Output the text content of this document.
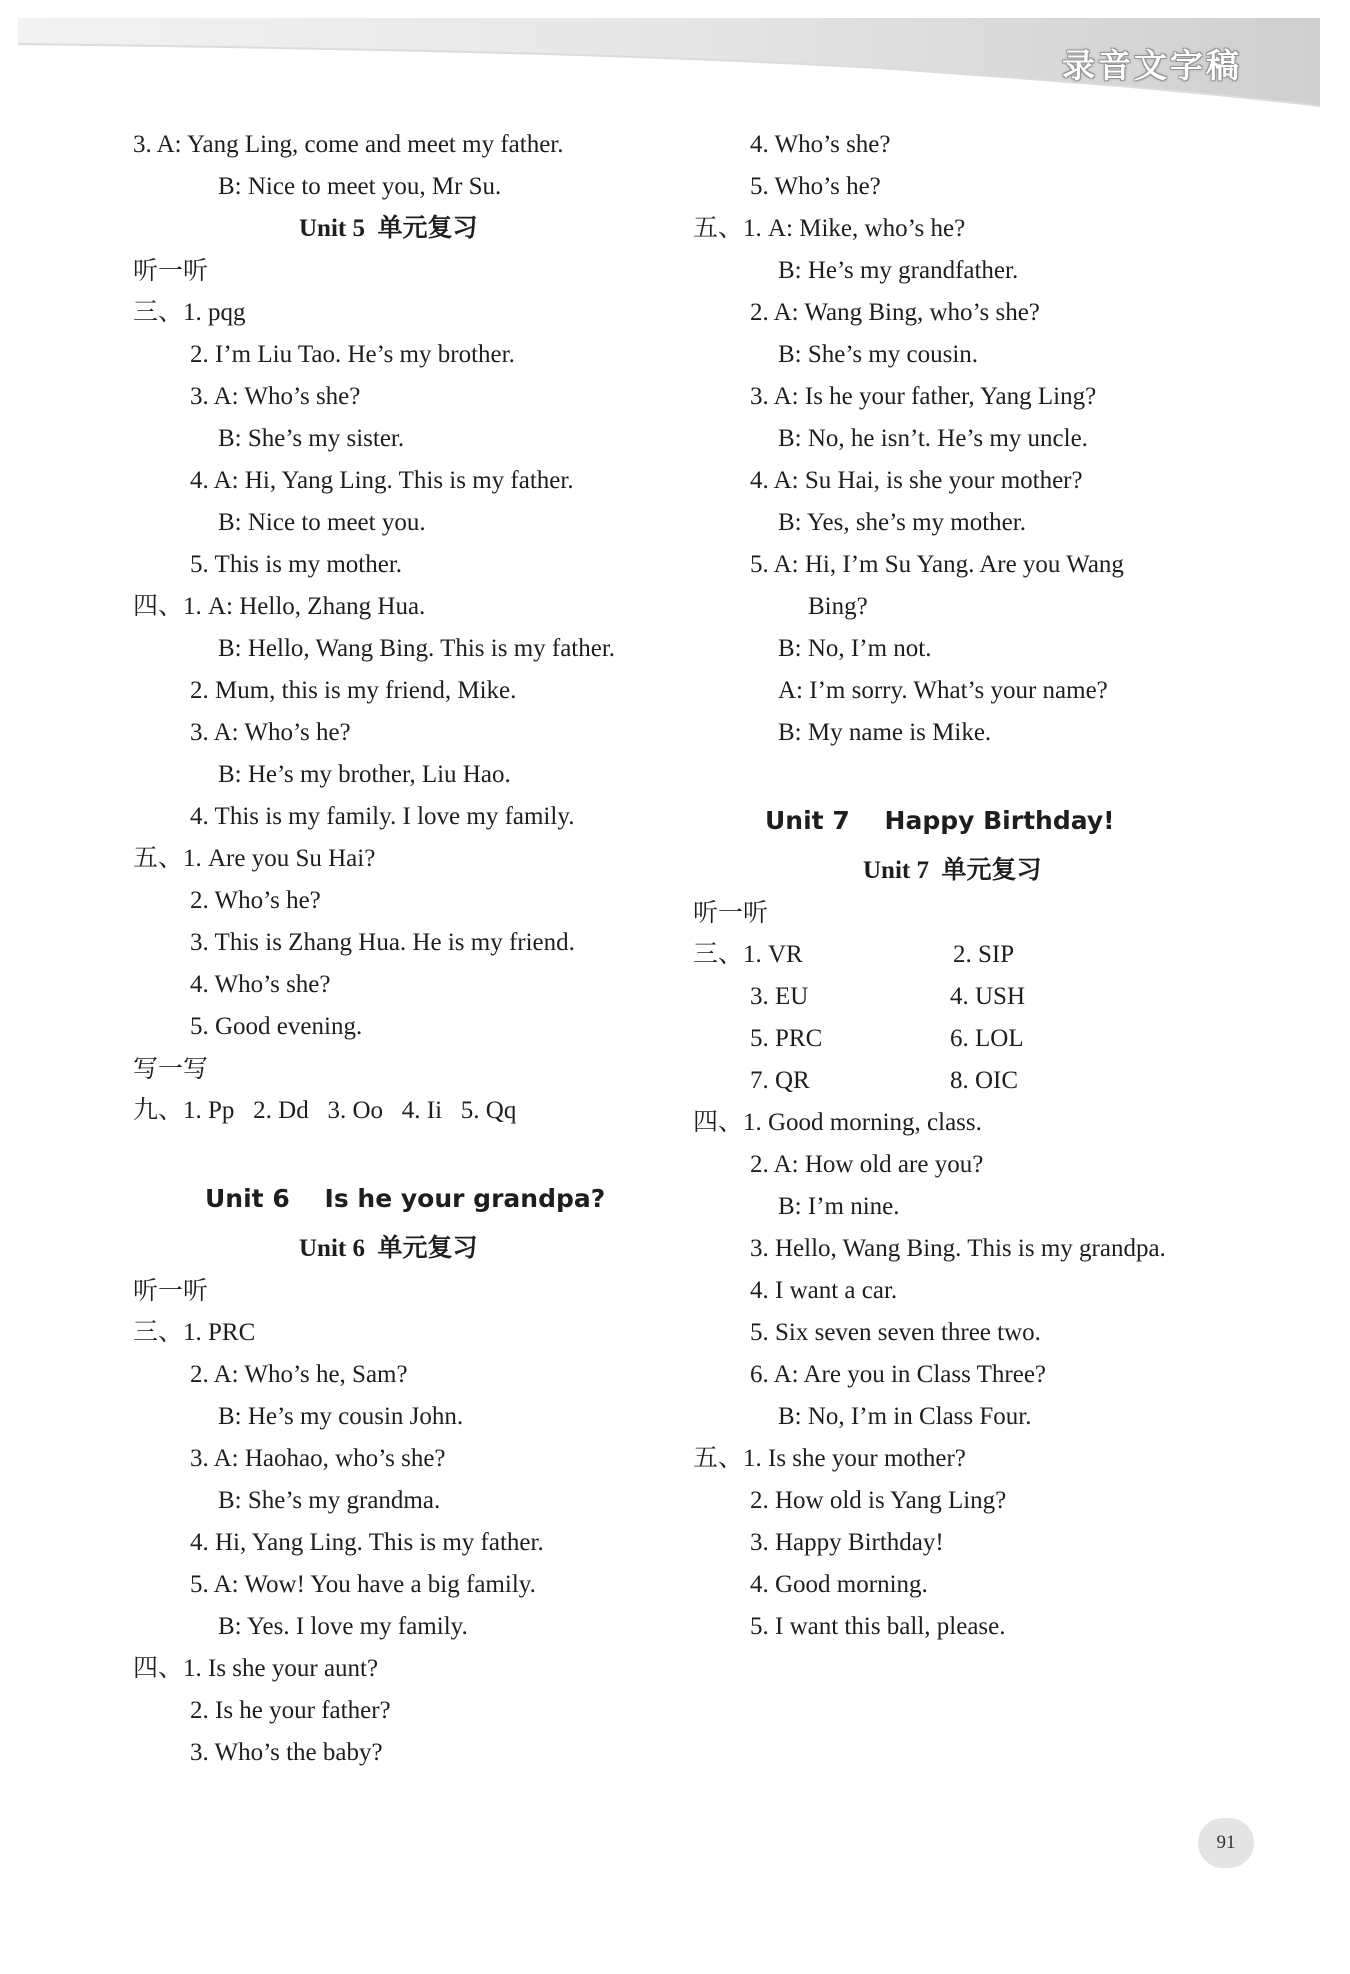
录音文字稿
3. A: Yang Ling, come and meet my father.
B: Nice to meet you, Mr Su.
Unit 5  单元复习
听一听
三、1. pqg
2. I’m Liu Tao. He’s my brother.
3. A: Who’s she?
B: She’s my sister.
4. A: Hi, Yang Ling. This is my father.
B: Nice to meet you.
5. This is my mother.
四、1. A: Hello, Zhang Hua.
B: Hello, Wang Bing. This is my father.
2. Mum, this is my friend, Mike.
3. A: Who’s he?
B: He’s my brother, Liu Hao.
4. This is my family. I love my family.
五、1. Are you Su Hai?
2. Who’s he?
3. This is Zhang Hua. He is my friend.
4. Who’s she?
5. Good evening.
写一写
九、1. Pp   2. Dd   3. Oo   4. Ii   5. Qq
Unit 6    Is he your grandpa?
Unit 6  单元复习
听一听
三、1. PRC
2. A: Who’s he, Sam?
B: He’s my cousin John.
3. A: Haohao, who’s she?
B: She’s my grandma.
4. Hi, Yang Ling. This is my father.
5. A: Wow! You have a big family.
B: Yes. I love my family.
四、1. Is she your aunt?
2. Is he your father?
3. Who’s the baby?
4. Who’s she?
5. Who’s he?
五、1. A: Mike, who’s he?
B: He’s my grandfather.
2. A: Wang Bing, who’s she?
B: She’s my cousin.
3. A: Is he your father, Yang Ling?
B: No, he isn’t. He’s my uncle.
4. A: Su Hai, is she your mother?
B: Yes, she’s my mother.
5. A: Hi, I’m Su Yang. Are you Wang
Bing?
B: No, I’m not.
A: I’m sorry. What’s your name?
B: My name is Mike.
Unit 7    Happy Birthday!
Unit 7  单元复习
听一听
三、1. VR	2. SIP
3. EU	4. USH
5. PRC	6. LOL
7. QR	8. OIC
四、1. Good morning, class.
2. A: How old are you?
B: I’m nine.
3. Hello, Wang Bing. This is my grandpa.
4. I want a car.
5. Six seven seven three two.
6. A: Are you in Class Three?
B: No, I’m in Class Four.
五、1. Is she your mother?
2. How old is Yang Ling?
3. Happy Birthday!
4. Good morning.
5. I want this ball, please.
91
